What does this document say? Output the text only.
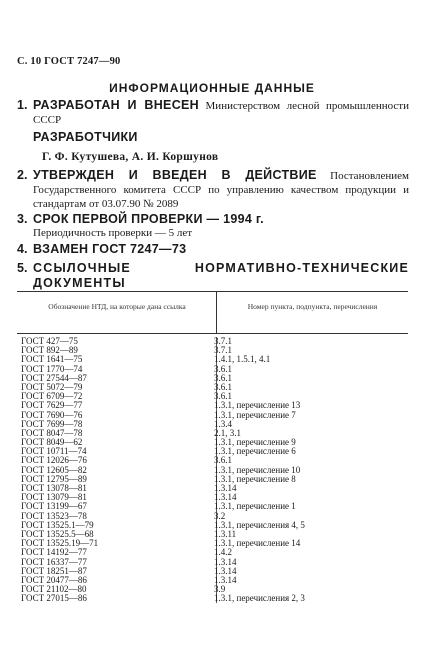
С. 10 ГОСТ 7247—90
ИНФОРМАЦИОННЫЕ ДАННЫЕ
1. РАЗРАБОТАН И ВНЕСЕН Министерством лесной промышленности СССР
РАЗРАБОТЧИКИ
Г. Ф. Кутушева, А. И. Коршунов
2. УТВЕРЖДЕН И ВВЕДЕН В ДЕЙСТВИЕ Постановлением Государственного комитета СССР по управлению качеством продукции и стандартам от 03.07.90 № 2089
3. СРОК ПЕРВОЙ ПРОВЕРКИ — 1994 г.
Периодичность проверки — 5 лет
4. ВЗАМЕН ГОСТ 7247—73
5. ССЫЛОЧНЫЕ НОРМАТИВНО-ТЕХНИЧЕСКИЕ ДОКУМЕНТЫ
Обозначение НТД, на которые дана ссылка	Номер пункта, подпункта, перечисления
ГОСТ 427—75	3.7.1
ГОСТ 892—89	3.7.1
ГОСТ 1641—75	1.4.1, 1.5.1, 4.1
ГОСТ 1770—74	3.6.1
ГОСТ 27544—87	3.6.1
ГОСТ 5072—79	3.6.1
ГОСТ 6709—72	3.6.1
ГОСТ 7629—77	1.3.1, перечисление 13
ГОСТ 7690—76	1.3.1, перечисление 7
ГОСТ 7699—78	1.3.4
ГОСТ 8047—78	2.1, 3.1
ГОСТ 8049—62	1.3.1, перечисление 9
ГОСТ 10711—74	1.3.1, перечисление 6
ГОСТ 12026—76	3.6.1
ГОСТ 12605—82	1.3.1, перечисление 10
ГОСТ 12795—89	1.3.1, перечисление 8
ГОСТ 13078—81	1.3.14
ГОСТ 13079—81	1.3.14
ГОСТ 13199—67	1.3.1, перечисление 1
ГОСТ 13523—78	3.2
ГОСТ 13525.1—79	1.3.1, перечисления 4, 5
ГОСТ 13525.5—68	1.3.11
ГОСТ 13525.19—71	1.3.1, перечисление 14
ГОСТ 14192—77	1.4.2
ГОСТ 16337—77	1.3.14
ГОСТ 18251—87	1.3.14
ГОСТ 20477—86	1.3.14
ГОСТ 21102—80	3.9
ГОСТ 27015—86	1.3.1, перечисления 2, 3
